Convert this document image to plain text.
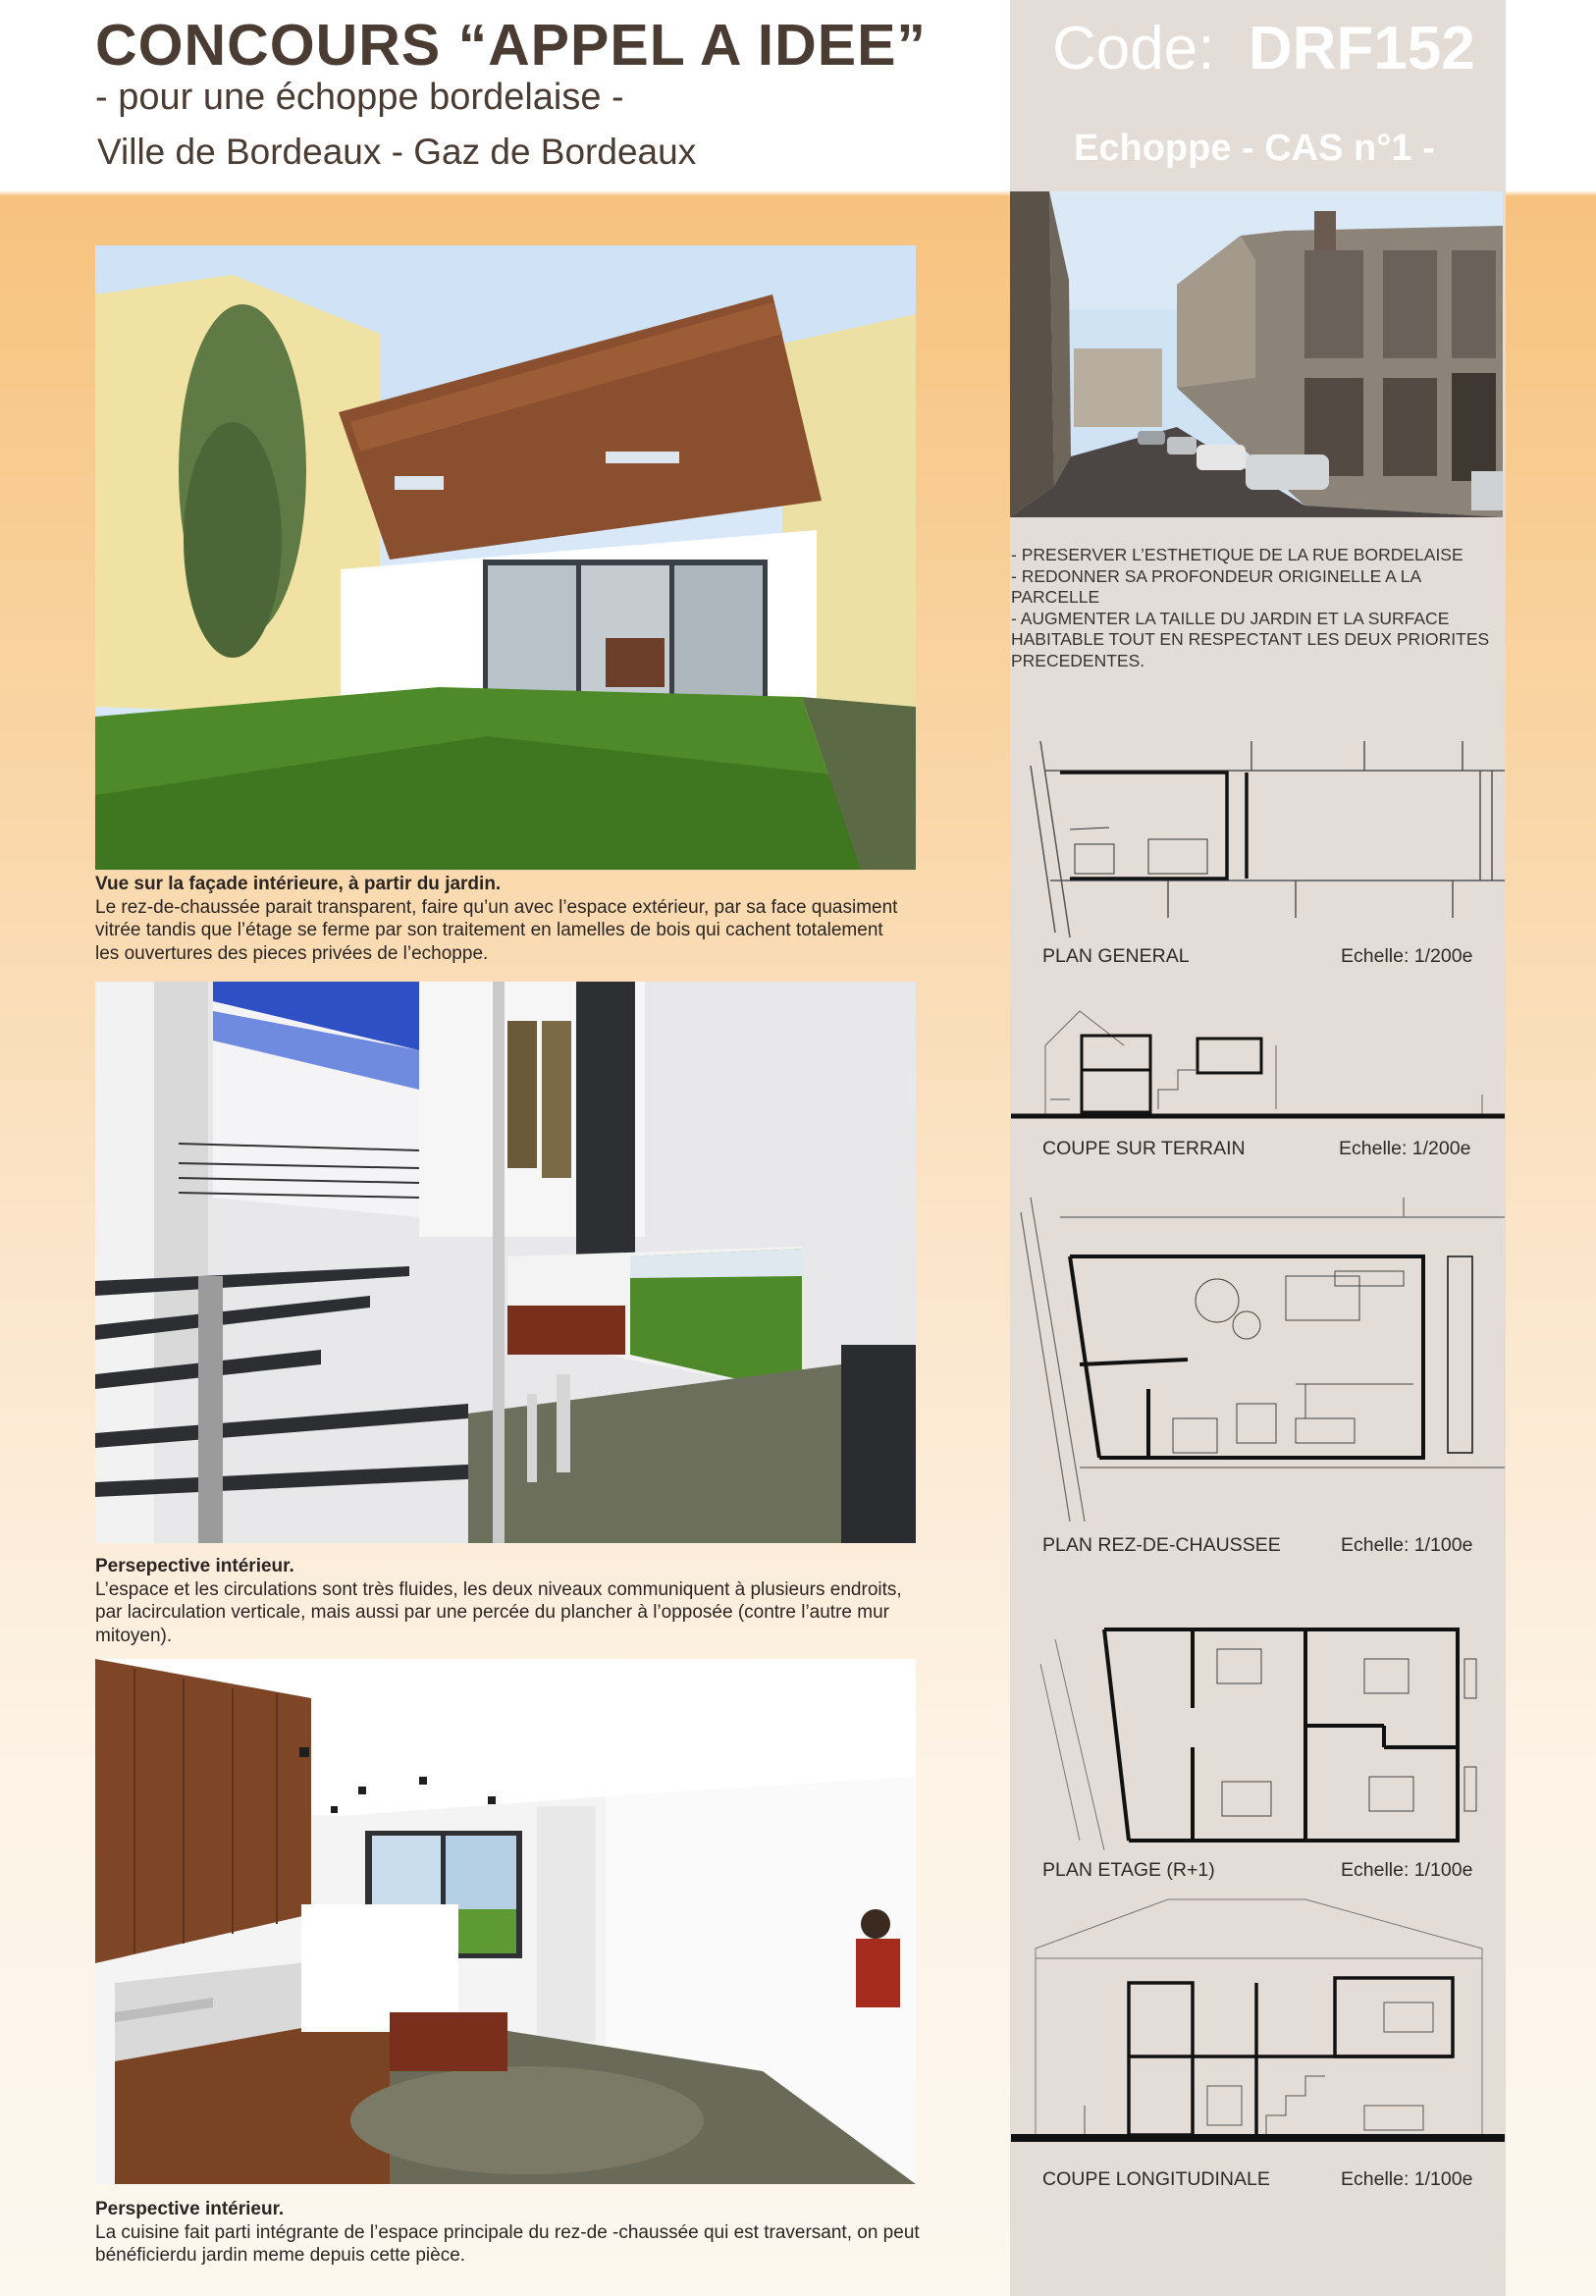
CONCOURS “APPEL A IDEE”
- pour une échoppe bordelaise -
Ville de Bordeaux - Gaz de Bordeaux
Code: DRF152
Echoppe - CAS n°1 -
- PRESERVER L’ESTHETIQUE DE LA RUE BORDELAISE
- REDONNER SA PROFONDEUR ORIGINELLE A LA
PARCELLE
- AUGMENTER LA TAILLE DU JARDIN ET LA SURFACE
HABITABLE TOUT EN RESPECTANT LES DEUX PRIORITES
PRECEDENTES.
PLAN GENERAL	Echelle: 1/200e
COUPE SUR TERRAIN	Echelle: 1/200e
PLAN REZ-DE-CHAUSSEE	Echelle: 1/100e
PLAN ETAGE (R+1)	Echelle: 1/100e
COUPE LONGITUDINALE	Echelle: 1/100e
Vue sur la façade intérieure, à partir du jardin.
Le rez-de-chaussée parait transparent, faire qu’un avec l’espace extérieur, par sa face quasiment
vitrée tandis que l’étage se ferme par son traitement en lamelles de bois qui cachent totalement
les ouvertures des pieces privées de l’echoppe.
Persepective intérieur.
L’espace et les circulations sont très fluides, les deux niveaux communiquent à plusieurs endroits,
par lacirculation verticale, mais aussi par une percée du plancher à l’opposée (contre l’autre mur
mitoyen).
Perspective intérieur.
La cuisine fait parti intégrante de l’espace principale du rez-de -chaussée qui est traversant, on peut
bénéficierdu jardin meme depuis cette pièce.
